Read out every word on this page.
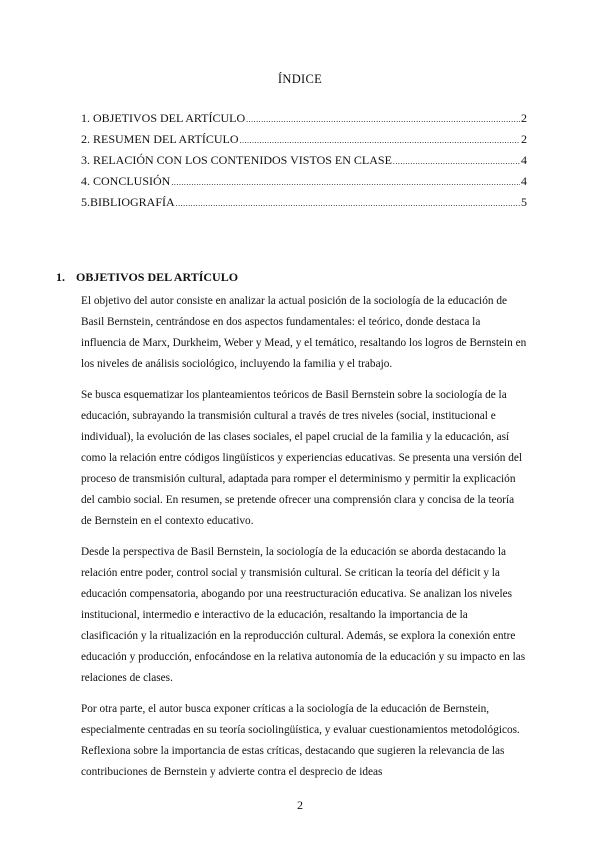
ÍNDICE
1. OBJETIVOS DEL ARTÍCULO .....	2
2. RESUMEN DEL ARTÍCULO .....	2
3. RELACIÓN CON LOS CONTENIDOS VISTOS EN CLASE .....	4
4. CONCLUSIÓN .....	4
5.BIBLIOGRAFÍA .....	5
1. OBJETIVOS DEL ARTÍCULO

El objetivo del autor consiste en analizar la actual posición de la sociología de la educación de Basil Bernstein, centrándose en dos aspectos fundamentales: el teórico, donde destaca la influencia de Marx, Durkheim, Weber y Mead, y el temático, resaltando los logros de Bernstein en los niveles de análisis sociológico, incluyendo la familia y el trabajo.

Se busca esquematizar los planteamientos teóricos de Basil Bernstein sobre la sociología de la educación, subrayando la transmisión cultural a través de tres niveles (social, institucional e individual), la evolución de las clases sociales, el papel crucial de la familia y la educación, así como la relación entre códigos lingüísticos y experiencias educativas. Se presenta una versión del proceso de transmisión cultural, adaptada para romper el determinismo y permitir la explicación del cambio social. En resumen, se pretende ofrecer una comprensión clara y concisa de la teoría de Bernstein en el contexto educativo.

Desde la perspectiva de Basil Bernstein, la sociología de la educación se aborda destacando la relación entre poder, control social y transmisión cultural. Se critican la teoría del déficit y la educación compensatoria, abogando por una reestructuración educativa. Se analizan los niveles institucional, intermedio e interactivo de la educación, resaltando la importancia de la clasificación y la ritualización en la reproducción cultural. Además, se explora la conexión entre educación y producción, enfocándose en la relativa autonomía de la educación y su impacto en las relaciones de clases.

Por otra parte, el autor busca exponer críticas a la sociología de la educación de Bernstein, especialmente centradas en su teoría sociolingüística, y evaluar cuestionamientos metodológicos. Reflexiona sobre la importancia de estas críticas, destacando que sugieren la relevancia de las contribuciones de Bernstein y advierte contra el desprecio de ideas

2
